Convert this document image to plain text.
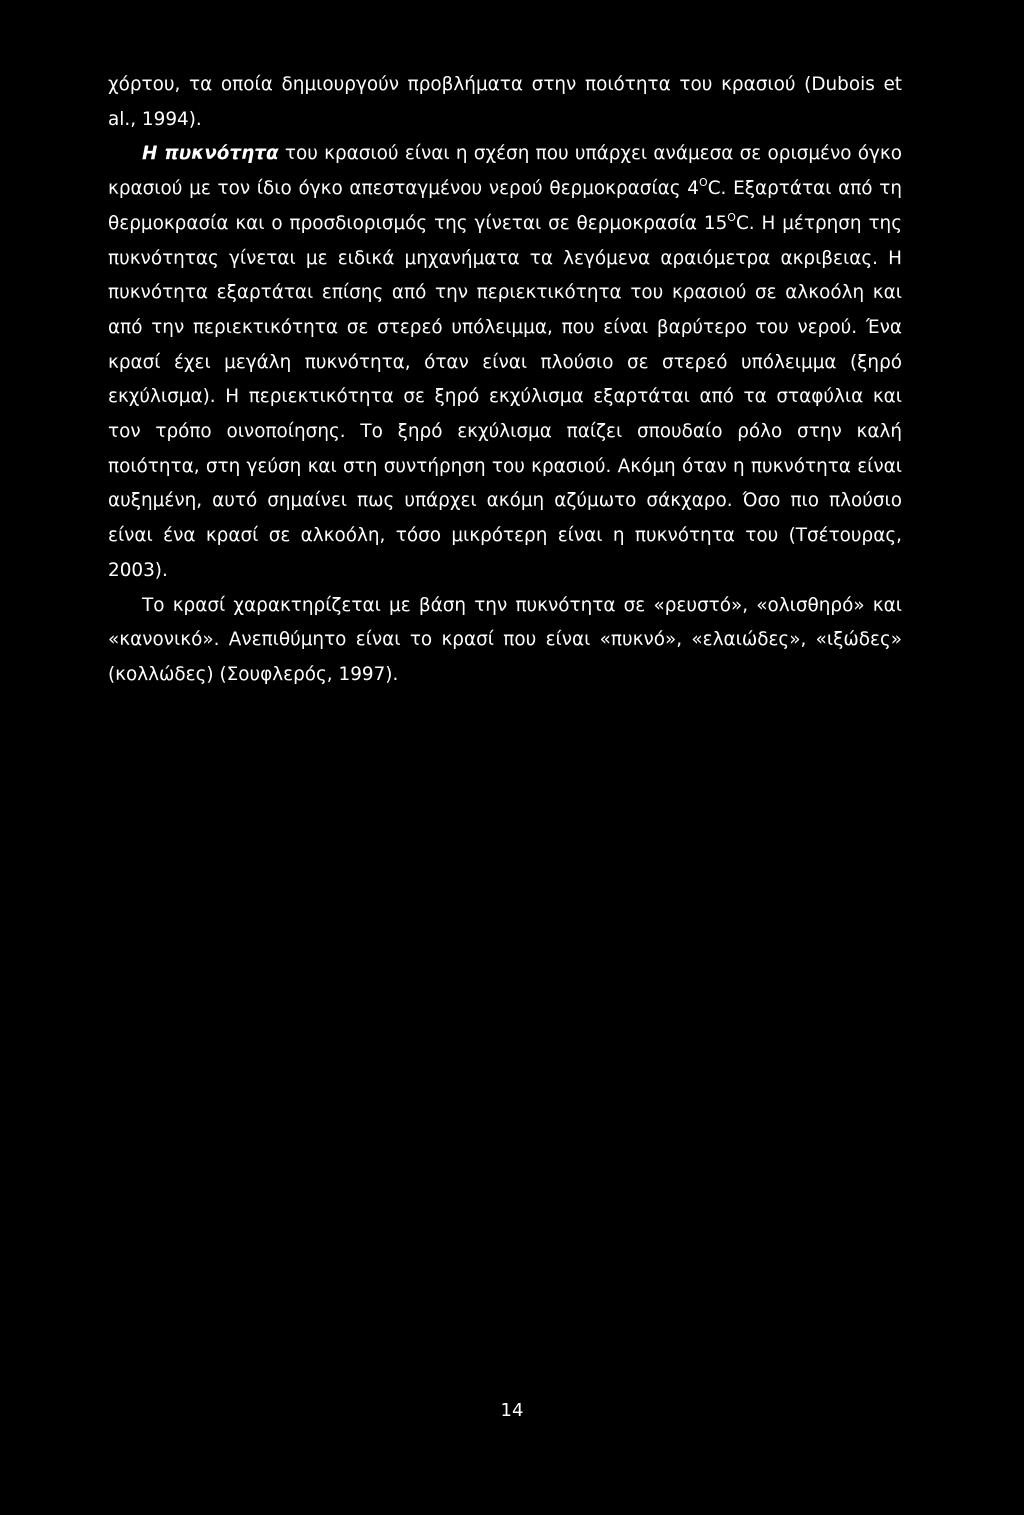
χόρτου, τα οποία δημιουργούν προβλήματα στην ποιότητα του κρασιού (Dubois et al., 1994).

Η πυκνότητα του κρασιού είναι η σχέση που υπάρχει ανάμεσα σε ορισμένο όγκο κρασιού με τον ίδιο όγκο απεσταγμένου νερού θερμοκρασίας $4^OC$. Εξαρτάται από τη θερμοκρασία και ο προσδιορισμός της γίνεται σε θερμοκρασία $15^OC$. Η μέτρηση της πυκνότητας γίνεται με ειδικά μηχανήματα τα λεγόμενα αραιόμετρα ακριβειας. Η πυκνότητα εξαρτάται επίσης από την περιεκτικότητα του κρασιού σε αλκοόλη και από την περιεκτικότητα σε στερεό υπόλειμμα, που είναι βαρύτερο του νερού. Ένα κρασί έχει μεγάλη πυκνότητα, όταν είναι πλούσιο σε στερεό υπόλειμμα (ξηρό εκχύλισμα). Η περιεκτικότητα σε ξηρό εκχύλισμα εξαρτάται από τα σταφύλια και τον τρόπο οινοποίησης. Το ξηρό εκχύλισμα παίζει σπουδαίο ρόλο στην καλή ποιότητα, στη γεύση και στη συντήρηση του κρασιού. Ακόμη όταν η πυκνότητα είναι αυξημένη, αυτό σημαίνει πως υπάρχει ακόμη αζύμωτο σάκχαρο. Όσο πιο πλούσιο είναι ένα κρασί σε αλκοόλη, τόσο μικρότερη είναι η πυκνότητα του (Τσέτουρας, 2003).

Το κρασί χαρακτηρίζεται με βάση την πυκνότητα σε «ρευστό», «ολισθηρό» και «κανονικό». Ανεπιθύμητο είναι το κρασί που είναι «πυκνό», «ελαιώδες», «ιξώδες» (κολλώδες) (Σουφλερός, 1997).

14
